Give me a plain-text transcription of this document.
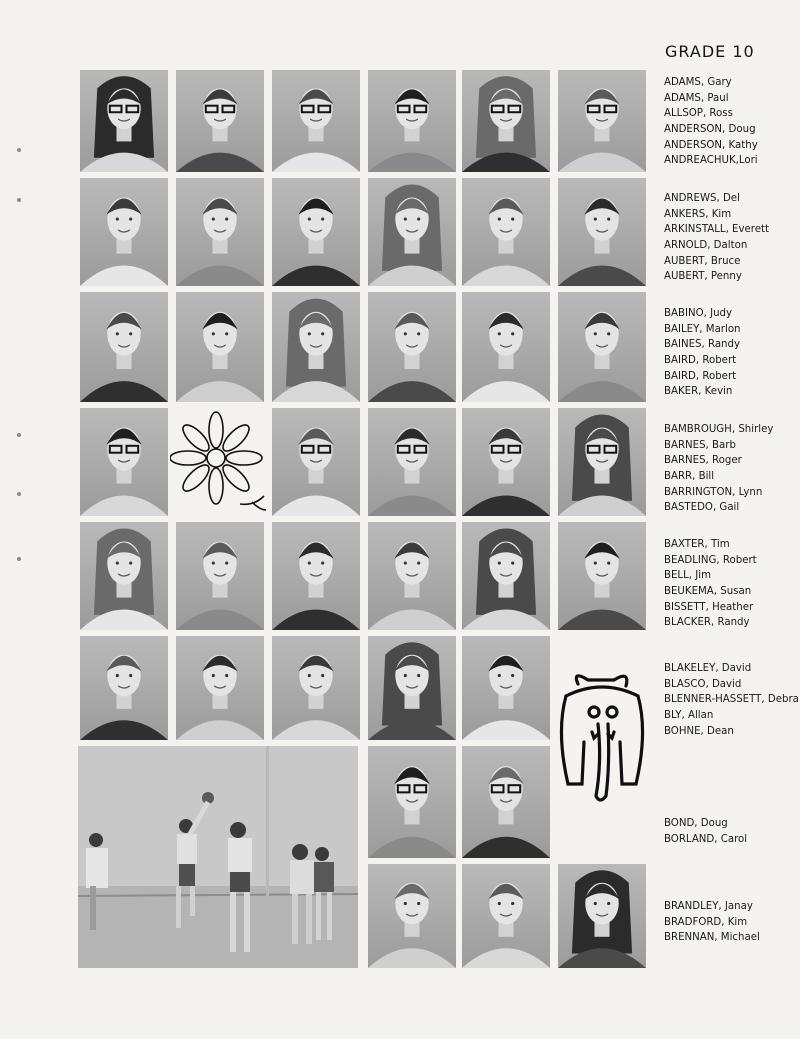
GRADE 10
ADAMS, Gary
ADAMS, Paul
ALLSOP, Ross
ANDERSON, Doug
ANDERSON, Kathy
ANDREACHUK,Lori
ANDREWS, Del
ANKERS, Kim
ARKINSTALL, Everett
ARNOLD, Dalton
AUBERT, Bruce
AUBERT, Penny
BABINO, Judy
BAILEY, Marlon
BAINES, Randy
BAIRD, Robert
BAIRD, Robert
BAKER, Kevin
BAMBROUGH, Shirley
BARNES, Barb
BARNES, Roger
BARR, Bill
BARRINGTON, Lynn
BASTEDO, Gail
BAXTER, Tim
BEADLING, Robert
BELL, Jim
BEUKEMA, Susan
BISSETT, Heather
BLACKER, Randy
BLAKELEY, David
BLASCO, David
BLENNER-HASSETT, Debra
BLY, Allan
BOHNE, Dean
BOND, Doug
BORLAND, Carol
BRANDLEY, Janay
BRADFORD, Kim
BRENNAN, Michael
